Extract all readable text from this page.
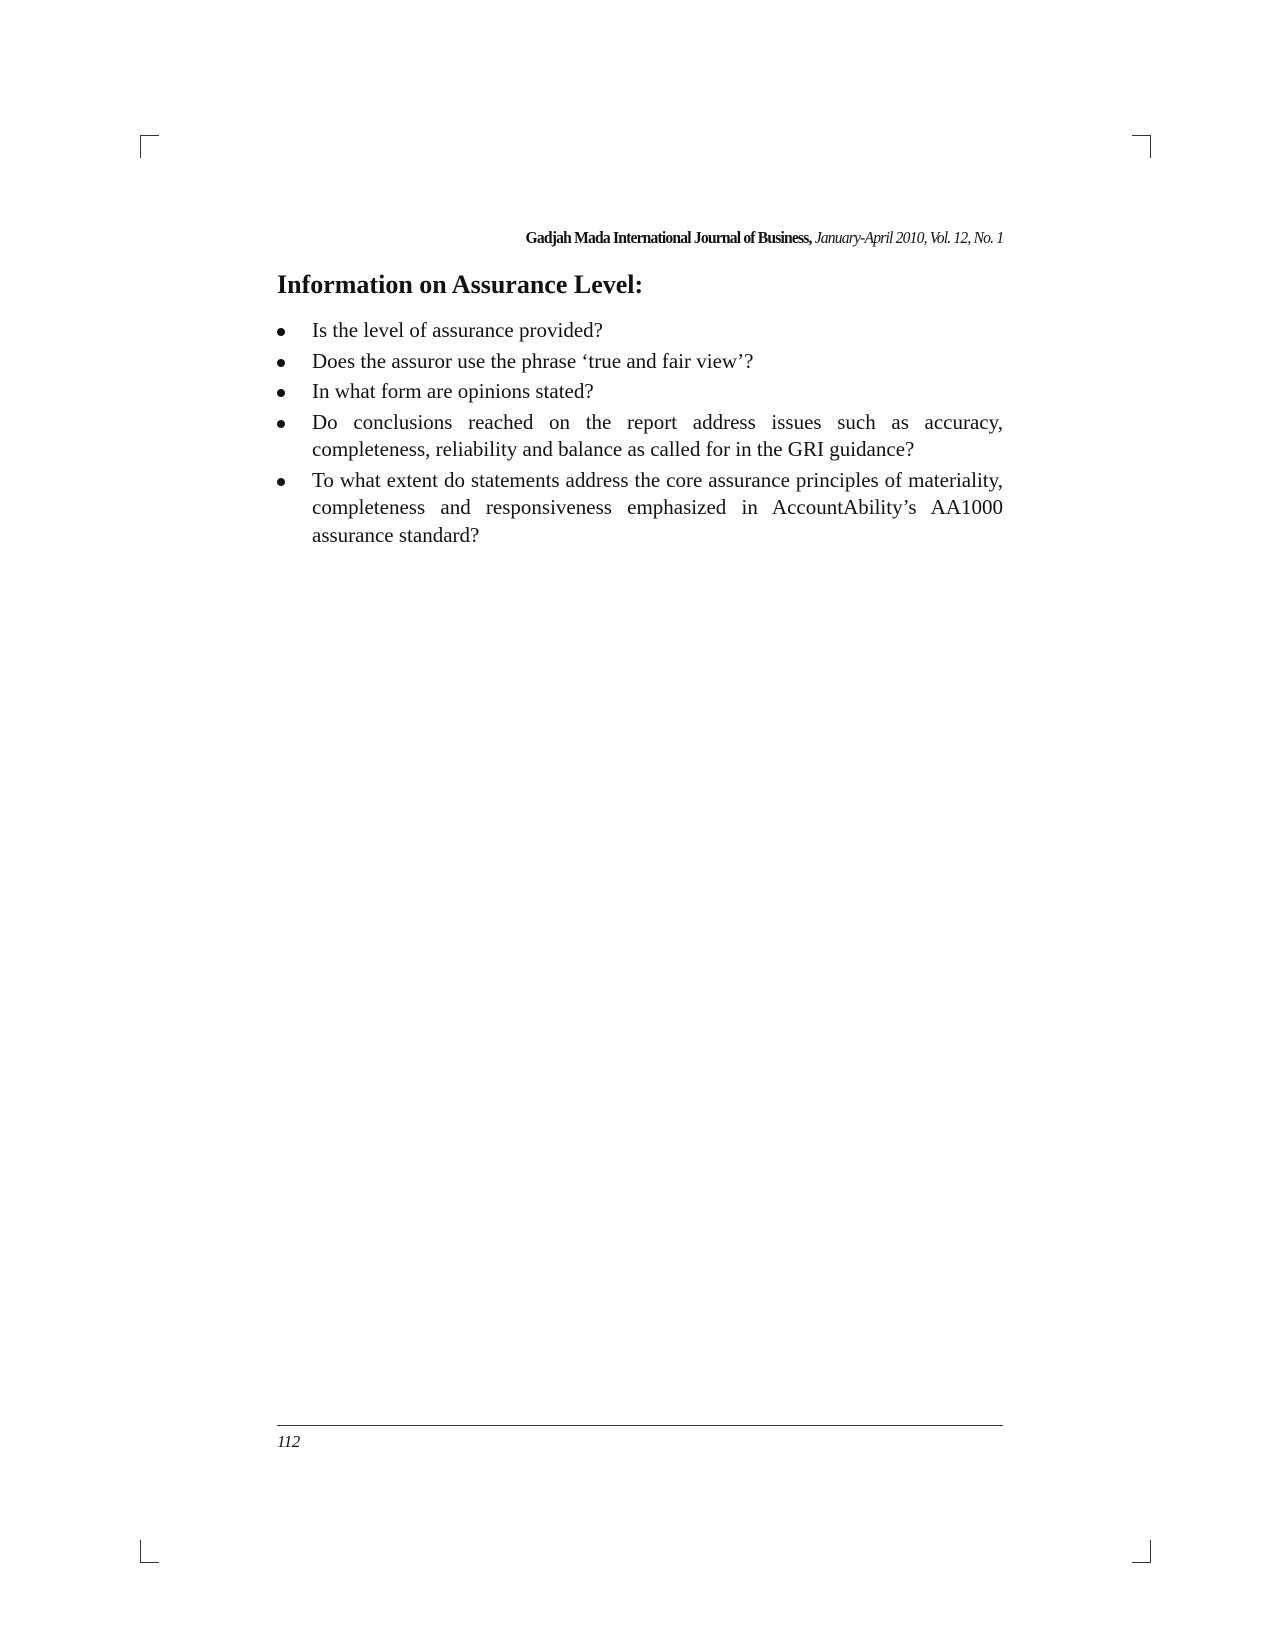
Gadjah Mada International Journal of Business, January-April 2010, Vol. 12, No. 1
Information on Assurance Level:
Is the level of assurance provided?
Does the assuror use the phrase ‘true and fair view’?
In what form are opinions stated?
Do conclusions reached on the report address issues such as accuracy, completeness, reliability and balance as called for in the GRI guidance?
To what extent do statements address the core assurance principles of materiality, completeness and responsiveness emphasized in AccountAbility’s AA1000 assurance standard?
112
